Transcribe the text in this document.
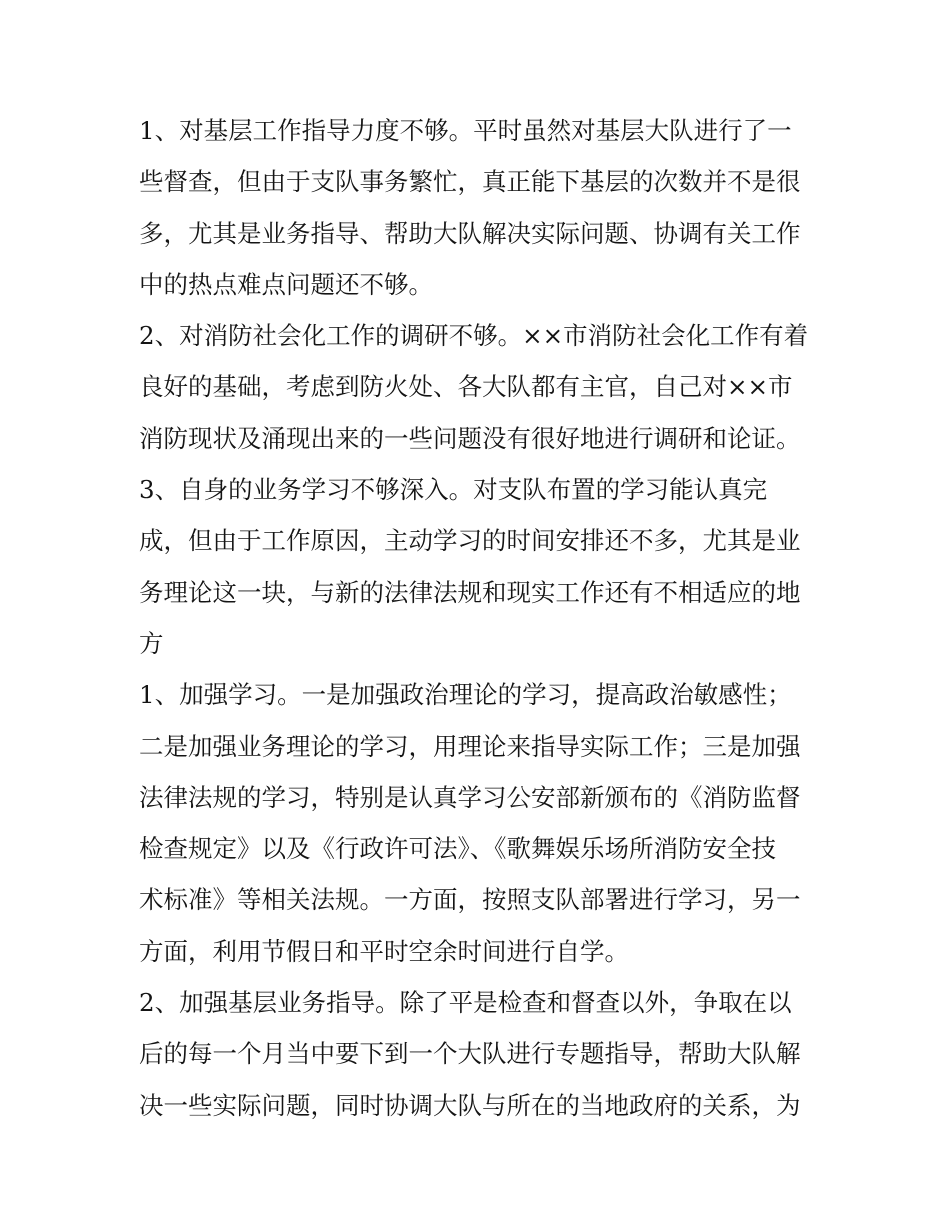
1、对基层工作指导力度不够。平时虽然对基层大队进行了一
些督查，但由于支队事务繁忙，真正能下基层的次数并不是很
多，尤其是业务指导、帮助大队解决实际问题、协调有关工作
中的热点难点问题还不够。
2、对消防社会化工作的调研不够。××市消防社会化工作有着
良好的基础，考虑到防火处、各大队都有主官，自己对××市
消防现状及涌现出来的一些问题没有很好地进行调研和论证。
3、自身的业务学习不够深入。对支队布置的学习能认真完
成，但由于工作原因，主动学习的时间安排还不多，尤其是业
务理论这一块，与新的法律法规和现实工作还有不相适应的地
方
1、加强学习。一是加强政治理论的学习，提高政治敏感性；
二是加强业务理论的学习，用理论来指导实际工作；三是加强
法律法规的学习，特别是认真学习公安部新颁布的《消防监督
检查规定》以及《行政许可法》、《歌舞娱乐场所消防安全技
术标准》等相关法规。一方面，按照支队部署进行学习，另一
方面，利用节假日和平时空余时间进行自学。
2、加强基层业务指导。除了平是检查和督查以外，争取在以
后的每一个月当中要下到一个大队进行专题指导，帮助大队解
决一些实际问题，同时协调大队与所在的当地政府的关系，为
